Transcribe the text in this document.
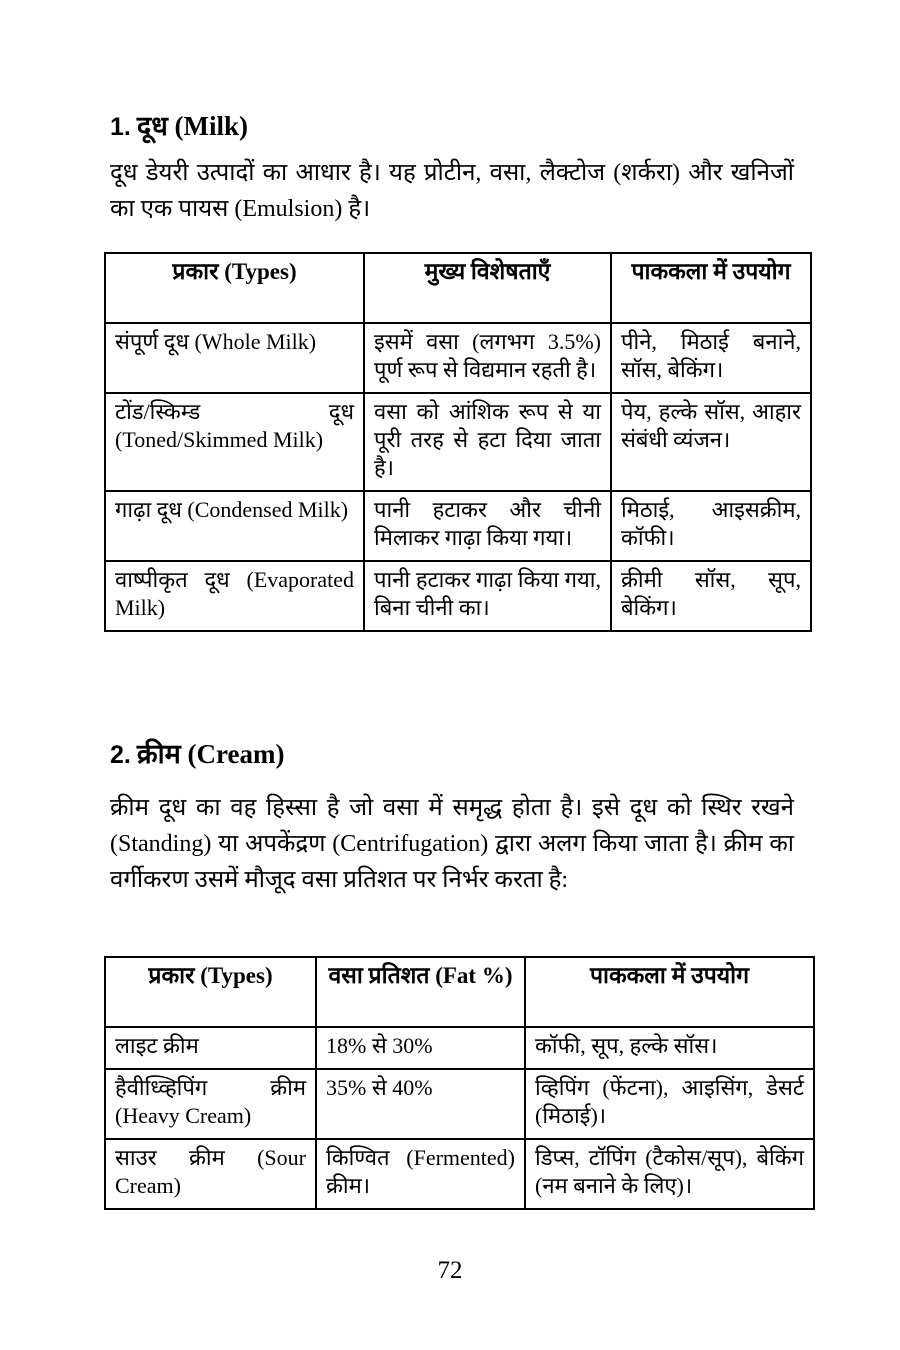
1. दूध (Milk)
दूध डेयरी उत्पादों का आधार है। यह प्रोटीन, वसा, लैक्टोज (शर्करा) और खनिजों का एक पायस (Emulsion) है।
प्रकार (Types)	मुख्य विशेषताएँ	पाककला में उपयोग
संपूर्ण दूध (Whole Milk)	इसमें वसा (लगभग 3.5%) पूर्ण रूप से विद्यमान रहती है।	पीने, मिठाई बनाने, सॉस, बेकिंग।
टोंड/स्किम्ड दूध (Toned/Skimmed Milk)	वसा को आंशिक रूप से या पूरी तरह से हटा दिया जाता है।	पेय, हल्के सॉस, आहार संबंधी व्यंजन।
गाढ़ा दूध (Condensed Milk)	पानी हटाकर और चीनी मिलाकर गाढ़ा किया गया।	मिठाई, आइसक्रीम, कॉफी।
वाष्पीकृत दूध (Evaporated Milk)	पानी हटाकर गाढ़ा किया गया, बिना चीनी का।	क्रीमी सॉस, सूप, बेकिंग।
2. क्रीम (Cream)
क्रीम दूध का वह हिस्सा है जो वसा में समृद्ध होता है। इसे दूध को स्थिर रखने (Standing) या अपकेंद्रण (Centrifugation) द्वारा अलग किया जाता है। क्रीम का वर्गीकरण उसमें मौजूद वसा प्रतिशत पर निर्भर करता है:
प्रकार (Types)	वसा प्रतिशत (Fat %)	पाककला में उपयोग
लाइट क्रीम	18% से 30%	कॉफी, सूप, हल्के सॉस।
हैवीध्व्हिपिंग क्रीम (Heavy Cream)	35% से 40%	व्हिपिंग (फेंटना), आइसिंग, डेसर्ट (मिठाई)।
साउर क्रीम (Sour Cream)	किण्वित (Fermented) क्रीम।	डिप्स, टॉपिंग (टैकोस/सूप), बेकिंग (नम बनाने के लिए)।
72
